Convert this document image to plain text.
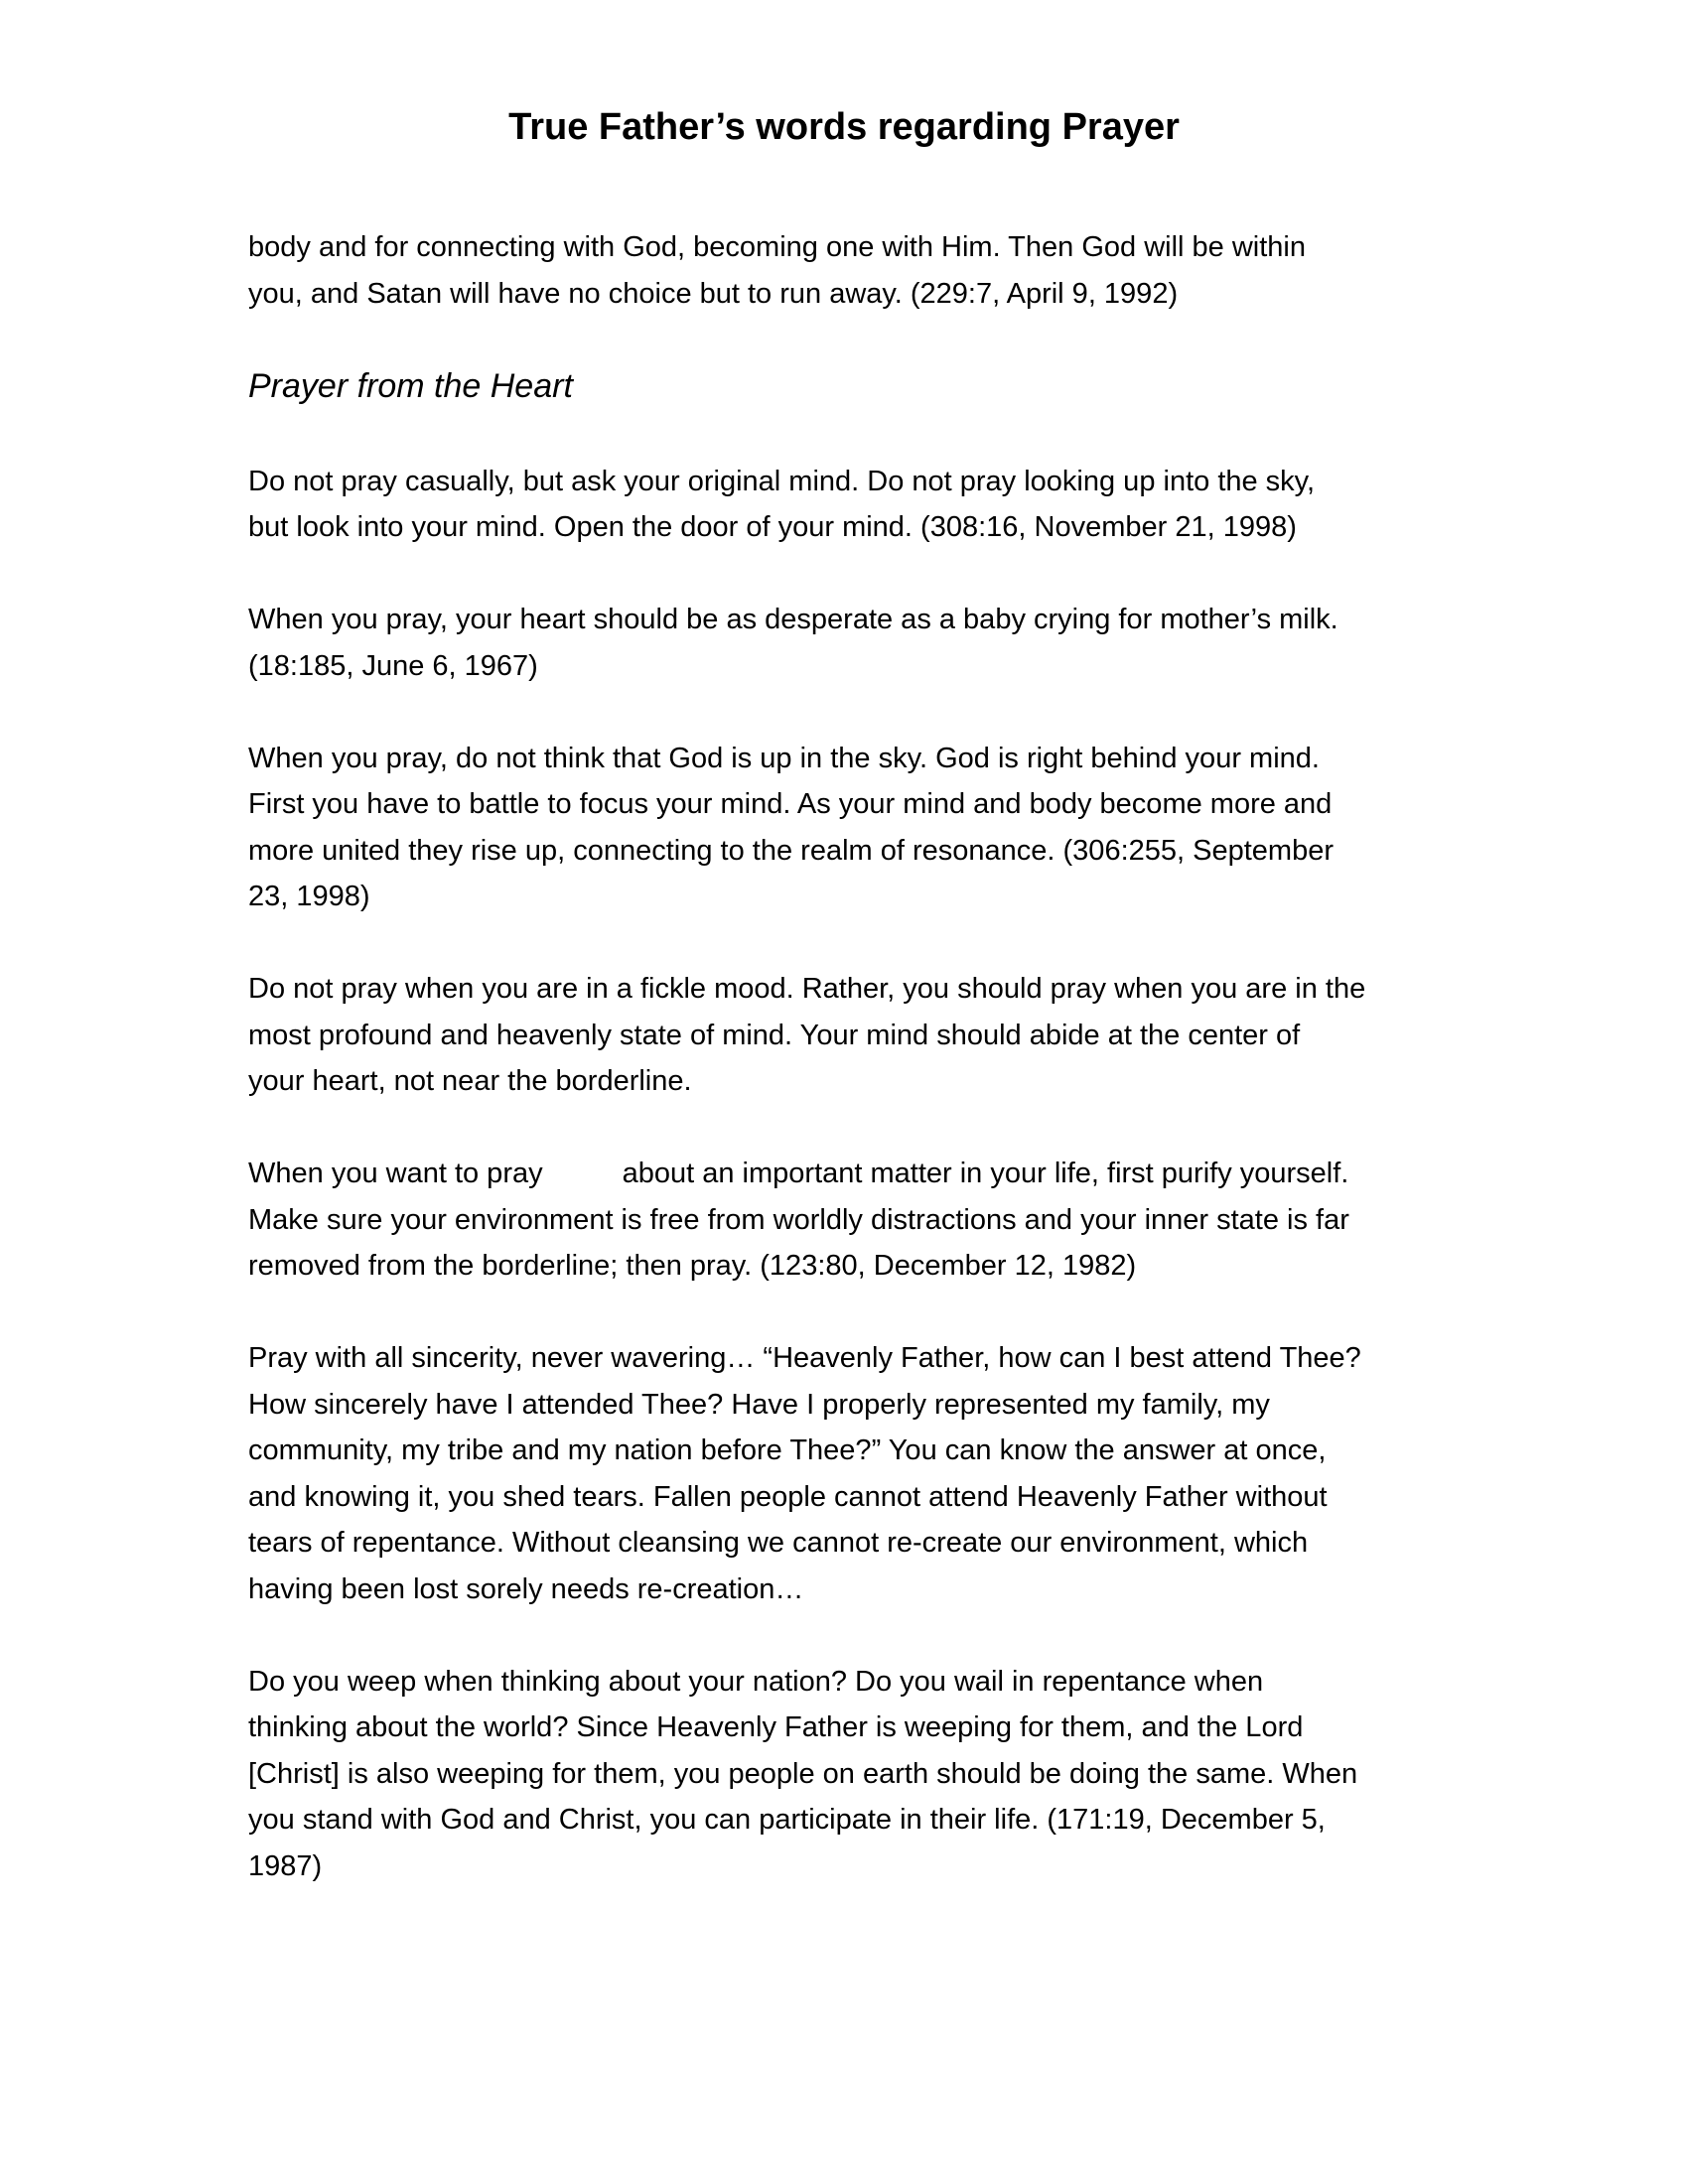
True Father’s words regarding Prayer

body and for connecting with God, becoming one with Him. Then God will be within
you, and Satan will have no choice but to run away. (229:7, April 9, 1992)

Prayer from the Heart

Do not pray casually, but ask your original mind. Do not pray looking up into the sky,
but look into your mind. Open the door of your mind. (308:16, November 21, 1998)

When you pray, your heart should be as desperate as a baby crying for mother’s milk.
(18:185, June 6, 1967)

When you pray, do not think that God is up in the sky. God is right behind your mind.
First you have to battle to focus your mind. As your mind and body become more and
more united they rise up, connecting to the realm of resonance. (306:255, September
23, 1998)

Do not pray when you are in a fickle mood. Rather, you should pray when you are in the
most profound and heavenly state of mind. Your mind should abide at the center of
your heart, not near the borderline.

When you want to pray	about an important matter in your life, first purify yourself.
Make sure your environment is free from worldly distractions and your inner state is far
removed from the borderline; then pray. (123:80, December 12, 1982)

Pray with all sincerity, never wavering… “Heavenly Father, how can I best attend Thee?
How sincerely have I attended Thee? Have I properly represented my family, my
community, my tribe and my nation before Thee?” You can know the answer at once,
and knowing it, you shed tears. Fallen people cannot attend Heavenly Father without
tears of repentance. Without cleansing we cannot re-create our environment, which
having been lost sorely needs re-creation…

Do you weep when thinking about your nation? Do you wail in repentance when
thinking about the world? Since Heavenly Father is weeping for them, and the Lord
[Christ] is also weeping for them, you people on earth should be doing the same. When
you stand with God and Christ, you can participate in their life. (171:19, December 5,
1987)
